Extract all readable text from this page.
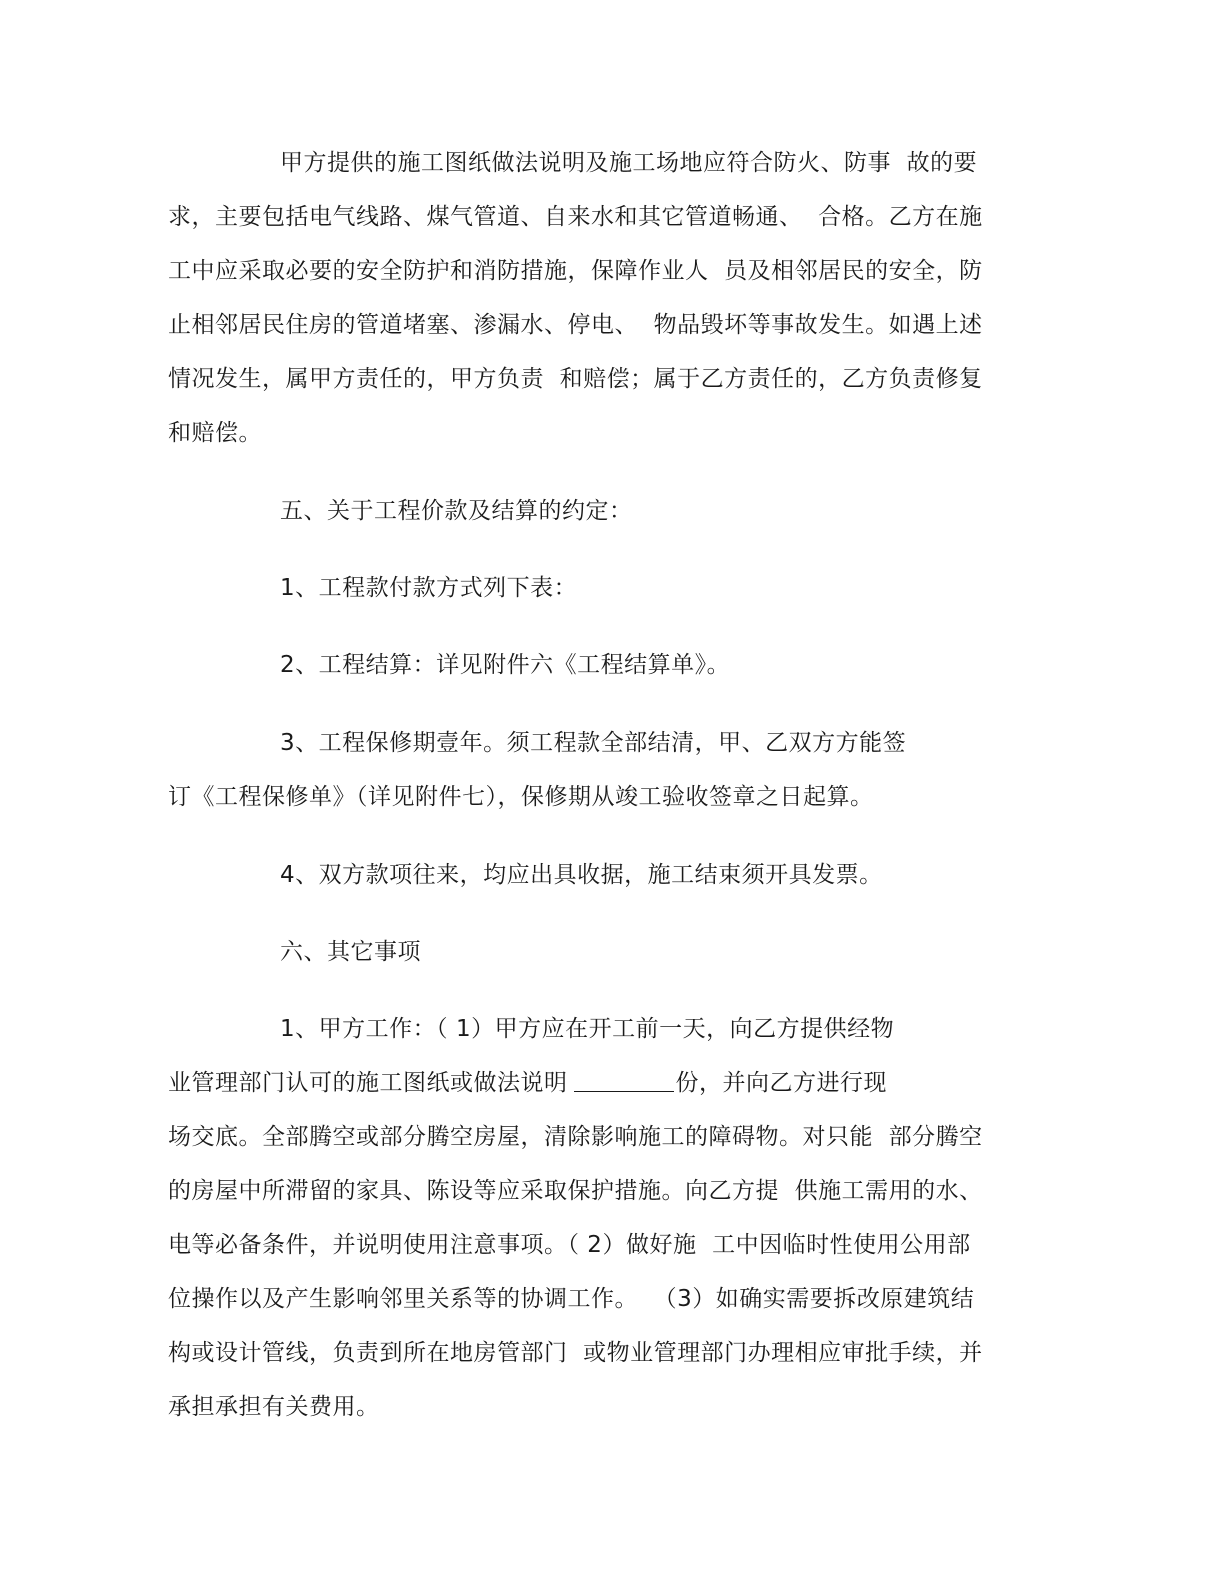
甲方提供的施工图纸做法说明及施工场地应符合防火、防事  故的要
求，主要包括电气线路、煤气管道、自来水和其它管道畅通、  合格。乙方在施
工中应采取必要的安全防护和消防措施，保障作业人  员及相邻居民的安全，防
止相邻居民住房的管道堵塞、渗漏水、停电、  物品毁坏等事故发生。如遇上述
情况发生，属甲方责任的，甲方负责  和赔偿；属于乙方责任的，乙方负责修复
和赔偿。
五、关于工程价款及结算的约定：
1、工程款付款方式列下表：
2、工程结算：详见附件六《工程结算单》。
3、工程保修期壹年。须工程款全部结清，甲、乙双方方能签
订《工程保修单》（详见附件七），保修期从竣工验收签章之日起算。
4、双方款项往来，均应出具收据，施工结束须开具发票。
六、其它事项
1、甲方工作：（ 1）甲方应在开工前一天，向乙方提供经物
业管理部门认可的施工图纸或做法说明	份，并向乙方进行现
场交底。全部腾空或部分腾空房屋，清除影响施工的障碍物。对只能  部分腾空
的房屋中所滞留的家具、陈设等应采取保护措施。向乙方提  供施工需用的水、
电等必备条件，并说明使用注意事项。（ 2）做好施  工中因临时性使用公用部
位操作以及产生影响邻里关系等的协调工作。  （3）如确实需要拆改原建筑结
构或设计管线，负责到所在地房管部门  或物业管理部门办理相应审批手续，并
承担承担有关费用。
